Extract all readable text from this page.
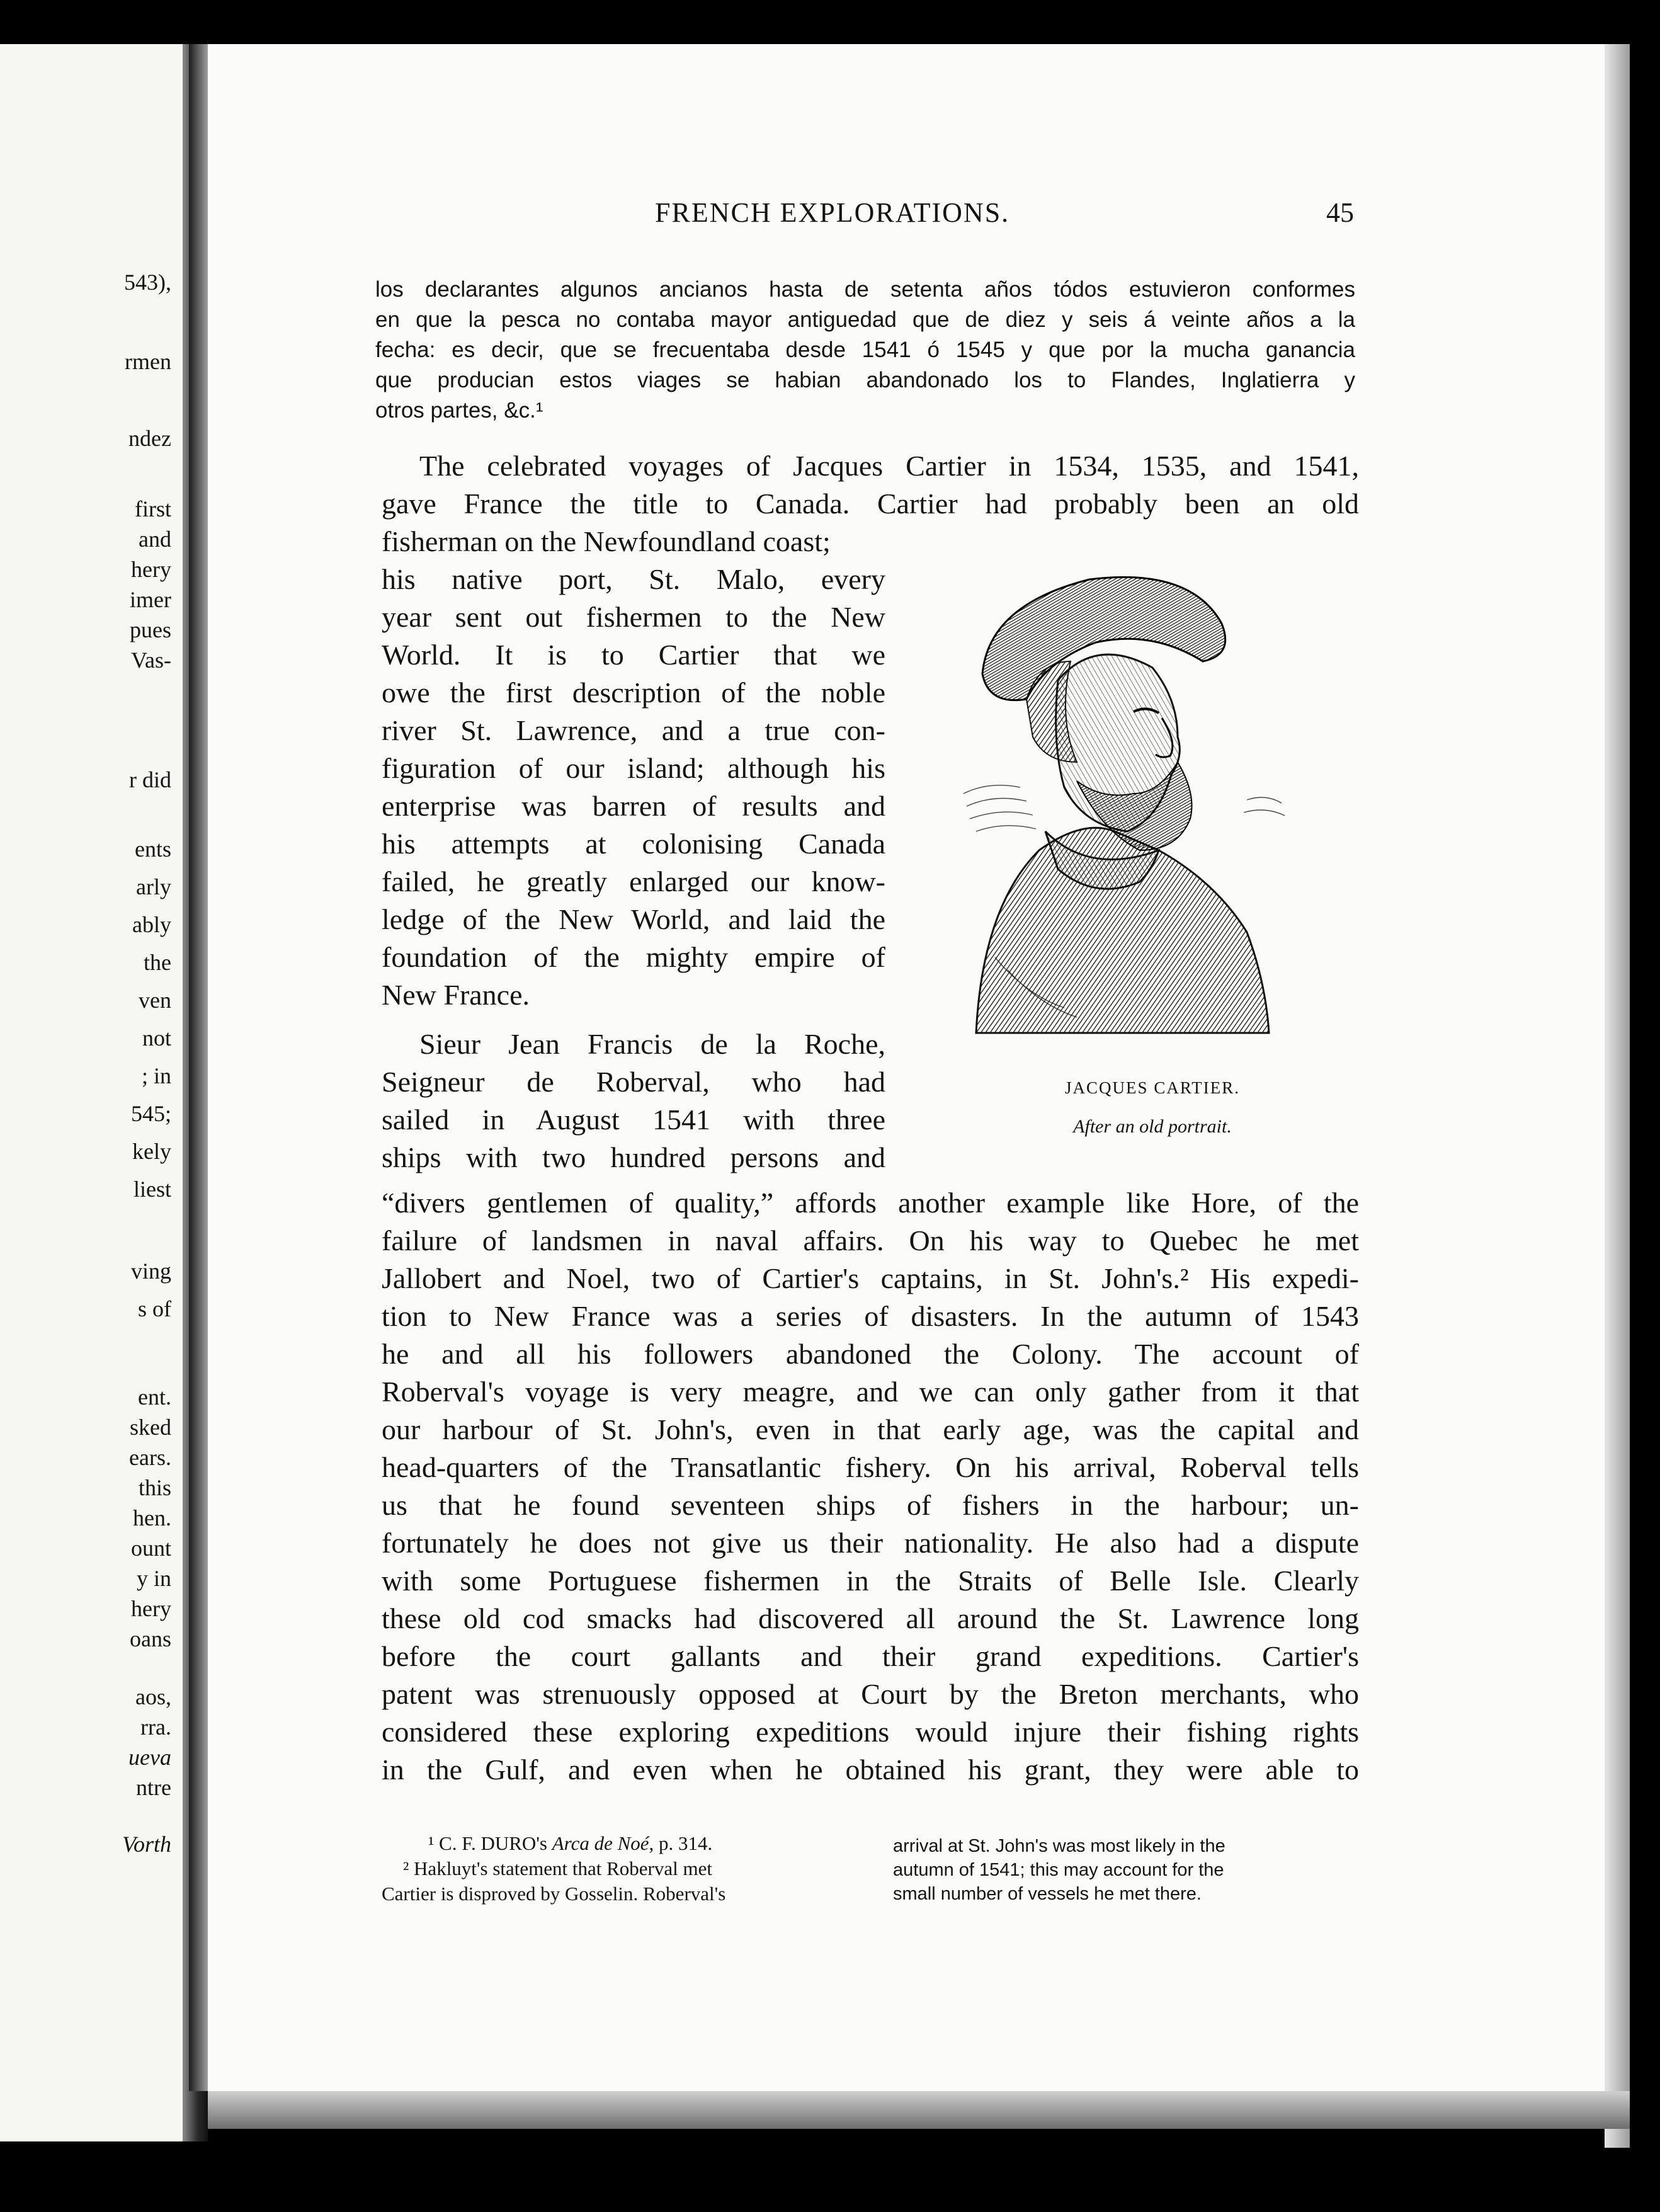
543),
rmen
ndez
first
and
hery
imer
pues
Vas-
r did
ents
arly
ably
the
ven
not
; in
545;
kely
liest
ving
s of
ent.
sked
ears.
this
hen.
ount
y in
hery
oans
aos,
rra.
ueva
ntre
Vorth
FRENCH EXPLORATIONS.	45
los declarantes algunos ancianos hasta de setenta años tódos estuvieron conformes
en que la pesca no contaba mayor antiguedad que de diez y seis á veinte años a la
fecha: es decir, que se frecuentaba desde 1541 ó 1545 y que por la mucha ganancia
que producian estos viages se habian abandonado los to Flandes, Inglatierra y
otros partes, &c.¹
The celebrated voyages of Jacques Cartier in 1534, 1535, and 1541,
gave France the title to Canada. Cartier had probably been an old
fisherman on the Newfoundland coast;
his native port, St. Malo, every
year sent out fishermen to the New
World. It is to Cartier that we
owe the first description of the noble
river St. Lawrence, and a true con-
figuration of our island; although his
enterprise was barren of results and
his attempts at colonising Canada
failed, he greatly enlarged our know-
ledge of the New World, and laid the
foundation of the mighty empire of
New France.
Sieur Jean Francis de la Roche,
Seigneur de Roberval, who had
sailed in August 1541 with three
ships with two hundred persons and
“divers gentlemen of quality,” affords another example like Hore, of the
failure of landsmen in naval affairs. On his way to Quebec he met
Jallobert and Noel, two of Cartier's captains, in St. John's.² His expedi-
tion to New France was a series of disasters. In the autumn of 1543
he and all his followers abandoned the Colony. The account of
Roberval's voyage is very meagre, and we can only gather from it that
our harbour of St. John's, even in that early age, was the capital and
head-quarters of the Transatlantic fishery. On his arrival, Roberval tells
us that he found seventeen ships of fishers in the harbour; un-
fortunately he does not give us their nationality. He also had a dispute
with some Portuguese fishermen in the Straits of Belle Isle. Clearly
these old cod smacks had discovered all around the St. Lawrence long
before the court gallants and their grand expeditions. Cartier's
patent was strenuously opposed at Court by the Breton merchants, who
considered these exploring expeditions would injure their fishing rights
in the Gulf, and even when he obtained his grant, they were able to
JACQUES CARTIER.
After an old portrait.
¹ C. F. DURO's Arca de Noé, p. 314.
² Hakluyt's statement that Roberval met
Cartier is disproved by Gosselin. Roberval's
arrival at St. John's was most likely in the
autumn of 1541; this may account for the
small number of vessels he met there.
